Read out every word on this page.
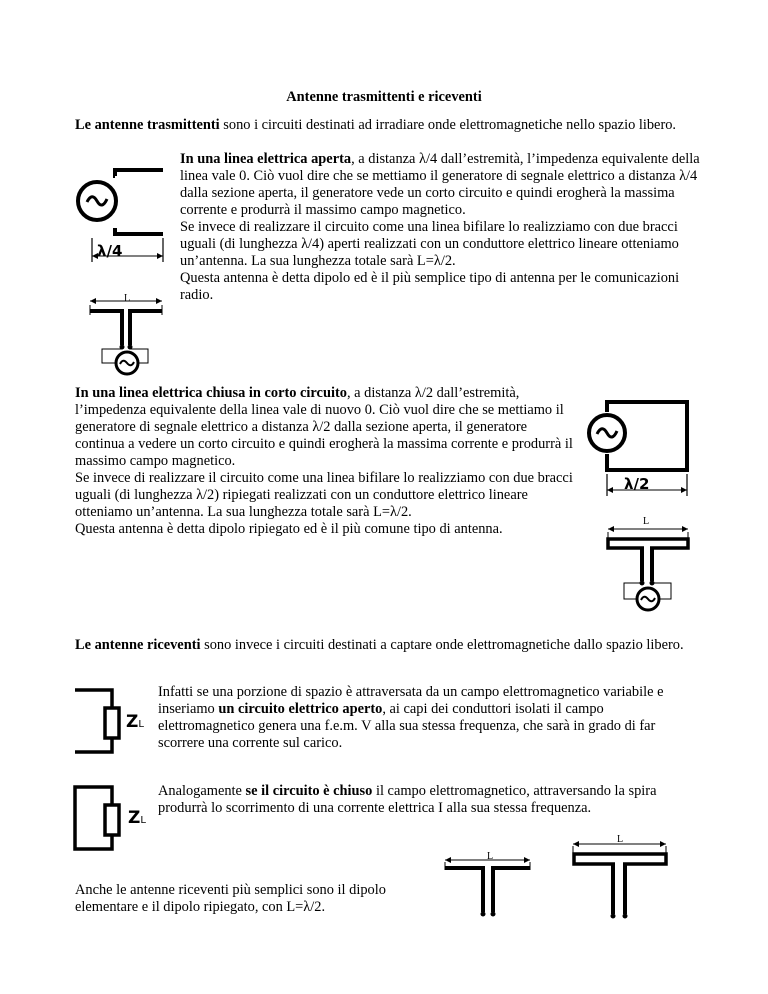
Antenne trasmittenti e riceventi

Le antenne trasmittenti sono i circuiti destinati ad irradiare onde elettromagnetiche nello spazio libero.

λ/4
L

In una linea elettrica aperta, a distanza λ/4 dall’estremità, l’impedenza equivalente della linea vale 0. Ciò vuol dire che se mettiamo il generatore di segnale elettrico a distanza λ/4 dalla sezione aperta, il generatore vede un corto circuito e quindi erogherà la massima corrente e produrrà il massimo campo magnetico.

Se invece di realizzare il circuito come una linea bifilare lo realizziamo con due bracci uguali (di lunghezza λ/4) aperti realizzati con un conduttore elettrico lineare otteniamo un’antenna. La sua lunghezza totale sarà L=λ/2.

Questa antenna è detta dipolo ed è il più semplice tipo di antenna per le comunicazioni radio.

In una linea elettrica chiusa in corto circuito, a distanza λ/2 dall’estremità, l’impedenza equivalente della linea vale di nuovo 0. Ciò vuol dire che se mettiamo il generatore di segnale elettrico a distanza λ/2 dalla sezione aperta, il generatore continua a vedere un corto circuito e quindi erogherà la massima corrente e produrrà il massimo campo magnetico.

Se invece di realizzare il circuito come una linea bifilare lo realizziamo con due bracci uguali (di lunghezza λ/2) ripiegati realizzati con un conduttore elettrico lineare otteniamo un’antenna. La sua lunghezza totale sarà L=λ/2.

Questa antenna è detta dipolo ripiegato ed è il più comune tipo di antenna.

λ/2
L

Le antenne riceventi sono invece i circuiti destinati a captare onde elettromagnetiche dallo spazio libero.

ZL

Infatti se una porzione di spazio è attraversata da un campo elettromagnetico variabile e inseriamo un circuito elettrico aperto, ai capi dei conduttori isolati il campo elettromagnetico genera una f.e.m. V alla sua stessa frequenza, che sarà in grado di far scorrere una corrente sul carico.

ZL

Analogamente se il circuito è chiuso il campo elettromagnetico, attraversando la spira produrrà lo scorrimento di una corrente elettrica I alla sua stessa frequenza.

Anche le antenne riceventi più semplici sono il dipolo elementare e il dipolo ripiegato, con L=λ/2.

L
L
